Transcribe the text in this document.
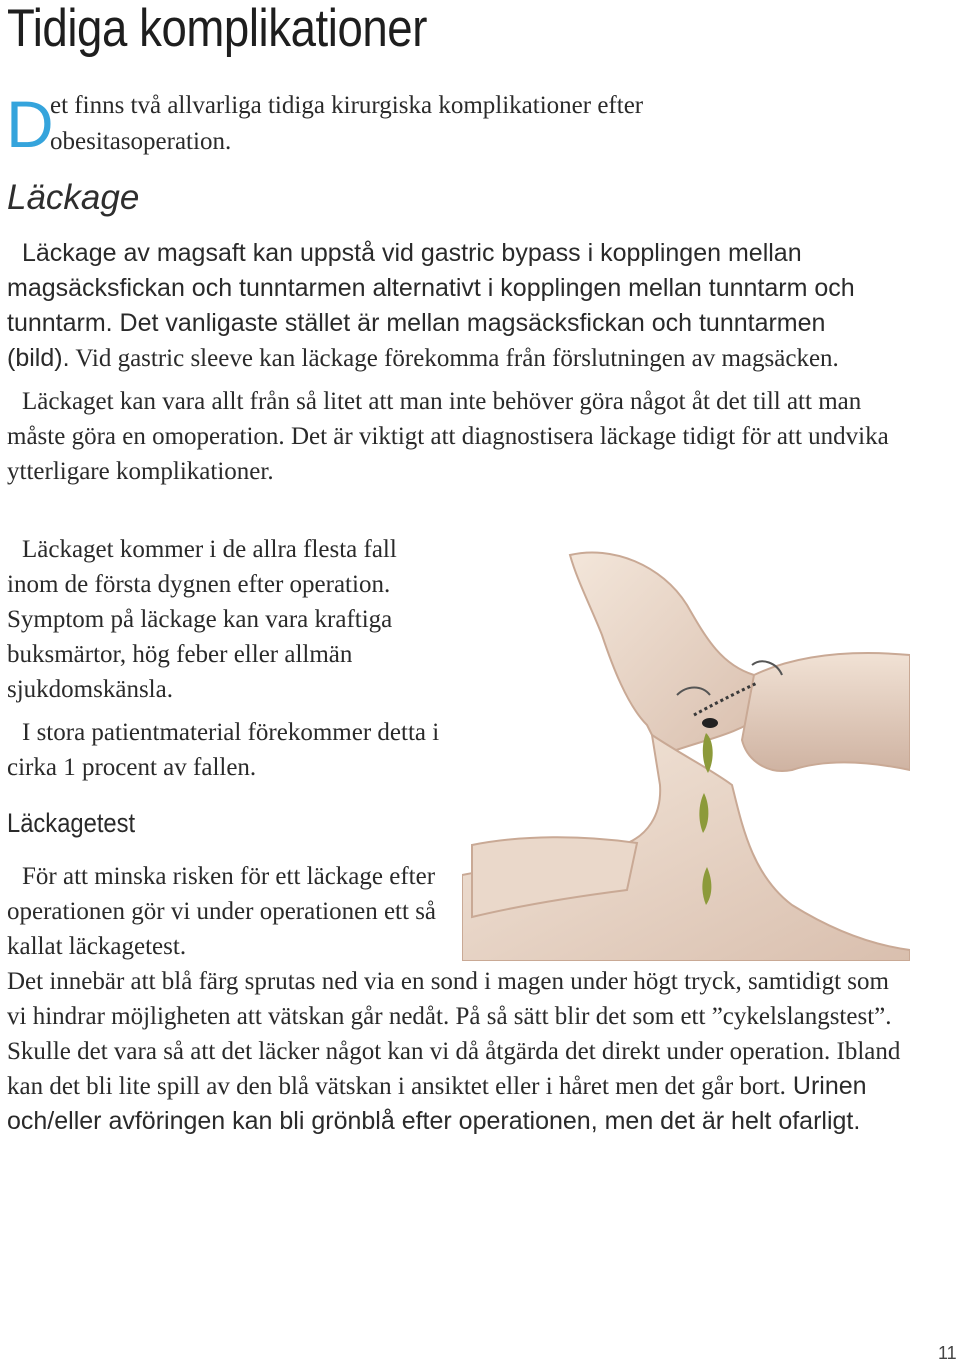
Tidiga komplikationer
D

et finns två allvarliga tidiga kirurgiska komplikationer efter obesitasoperation.

Läckage

Läckage av magsaft kan uppstå vid gastric bypass i kopplingen mellan magsäcksfickan och tunntarmen alternativt i kopplingen mellan tunntarm och tunntarm. Det vanligaste stället är mellan magsäcksfickan och tunntarmen (bild). Vid gastric sleeve kan läckage förekomma från förslutningen av magsäcken.

Läckaget kan vara allt från så litet att man inte behöver göra något åt det till att man måste göra en omoperation. Det är viktigt att diagnostisera läckage tidigt för att undvika ytterligare komplikationer.

Läckaget kommer i de allra flesta fall inom de första dygnen efter operation. Symptom på läckage kan vara kraftiga buksmärtor, hög feber eller allmän sjukdomskänsla.

I stora patientmaterial förekommer detta i cirka 1 procent av fallen.

Läckagetest

För att minska risken för ett läckage efter operationen gör vi under operationen ett så kallat läckagetest.

Det innebär att blå färg sprutas ned via en sond i magen under högt tryck, samtidigt som vi hindrar möjligheten att vätskan går nedåt. På så sätt blir det som ett ”cykelslangstest”. Skulle det vara så att det läcker något kan vi då åtgärda det direkt under operation. Ibland kan det bli lite spill av den blå vätskan i ansiktet eller i håret men det går bort. Urinen och/eller avföringen kan bli grönblå efter operationen, men det är helt ofarligt.

11
